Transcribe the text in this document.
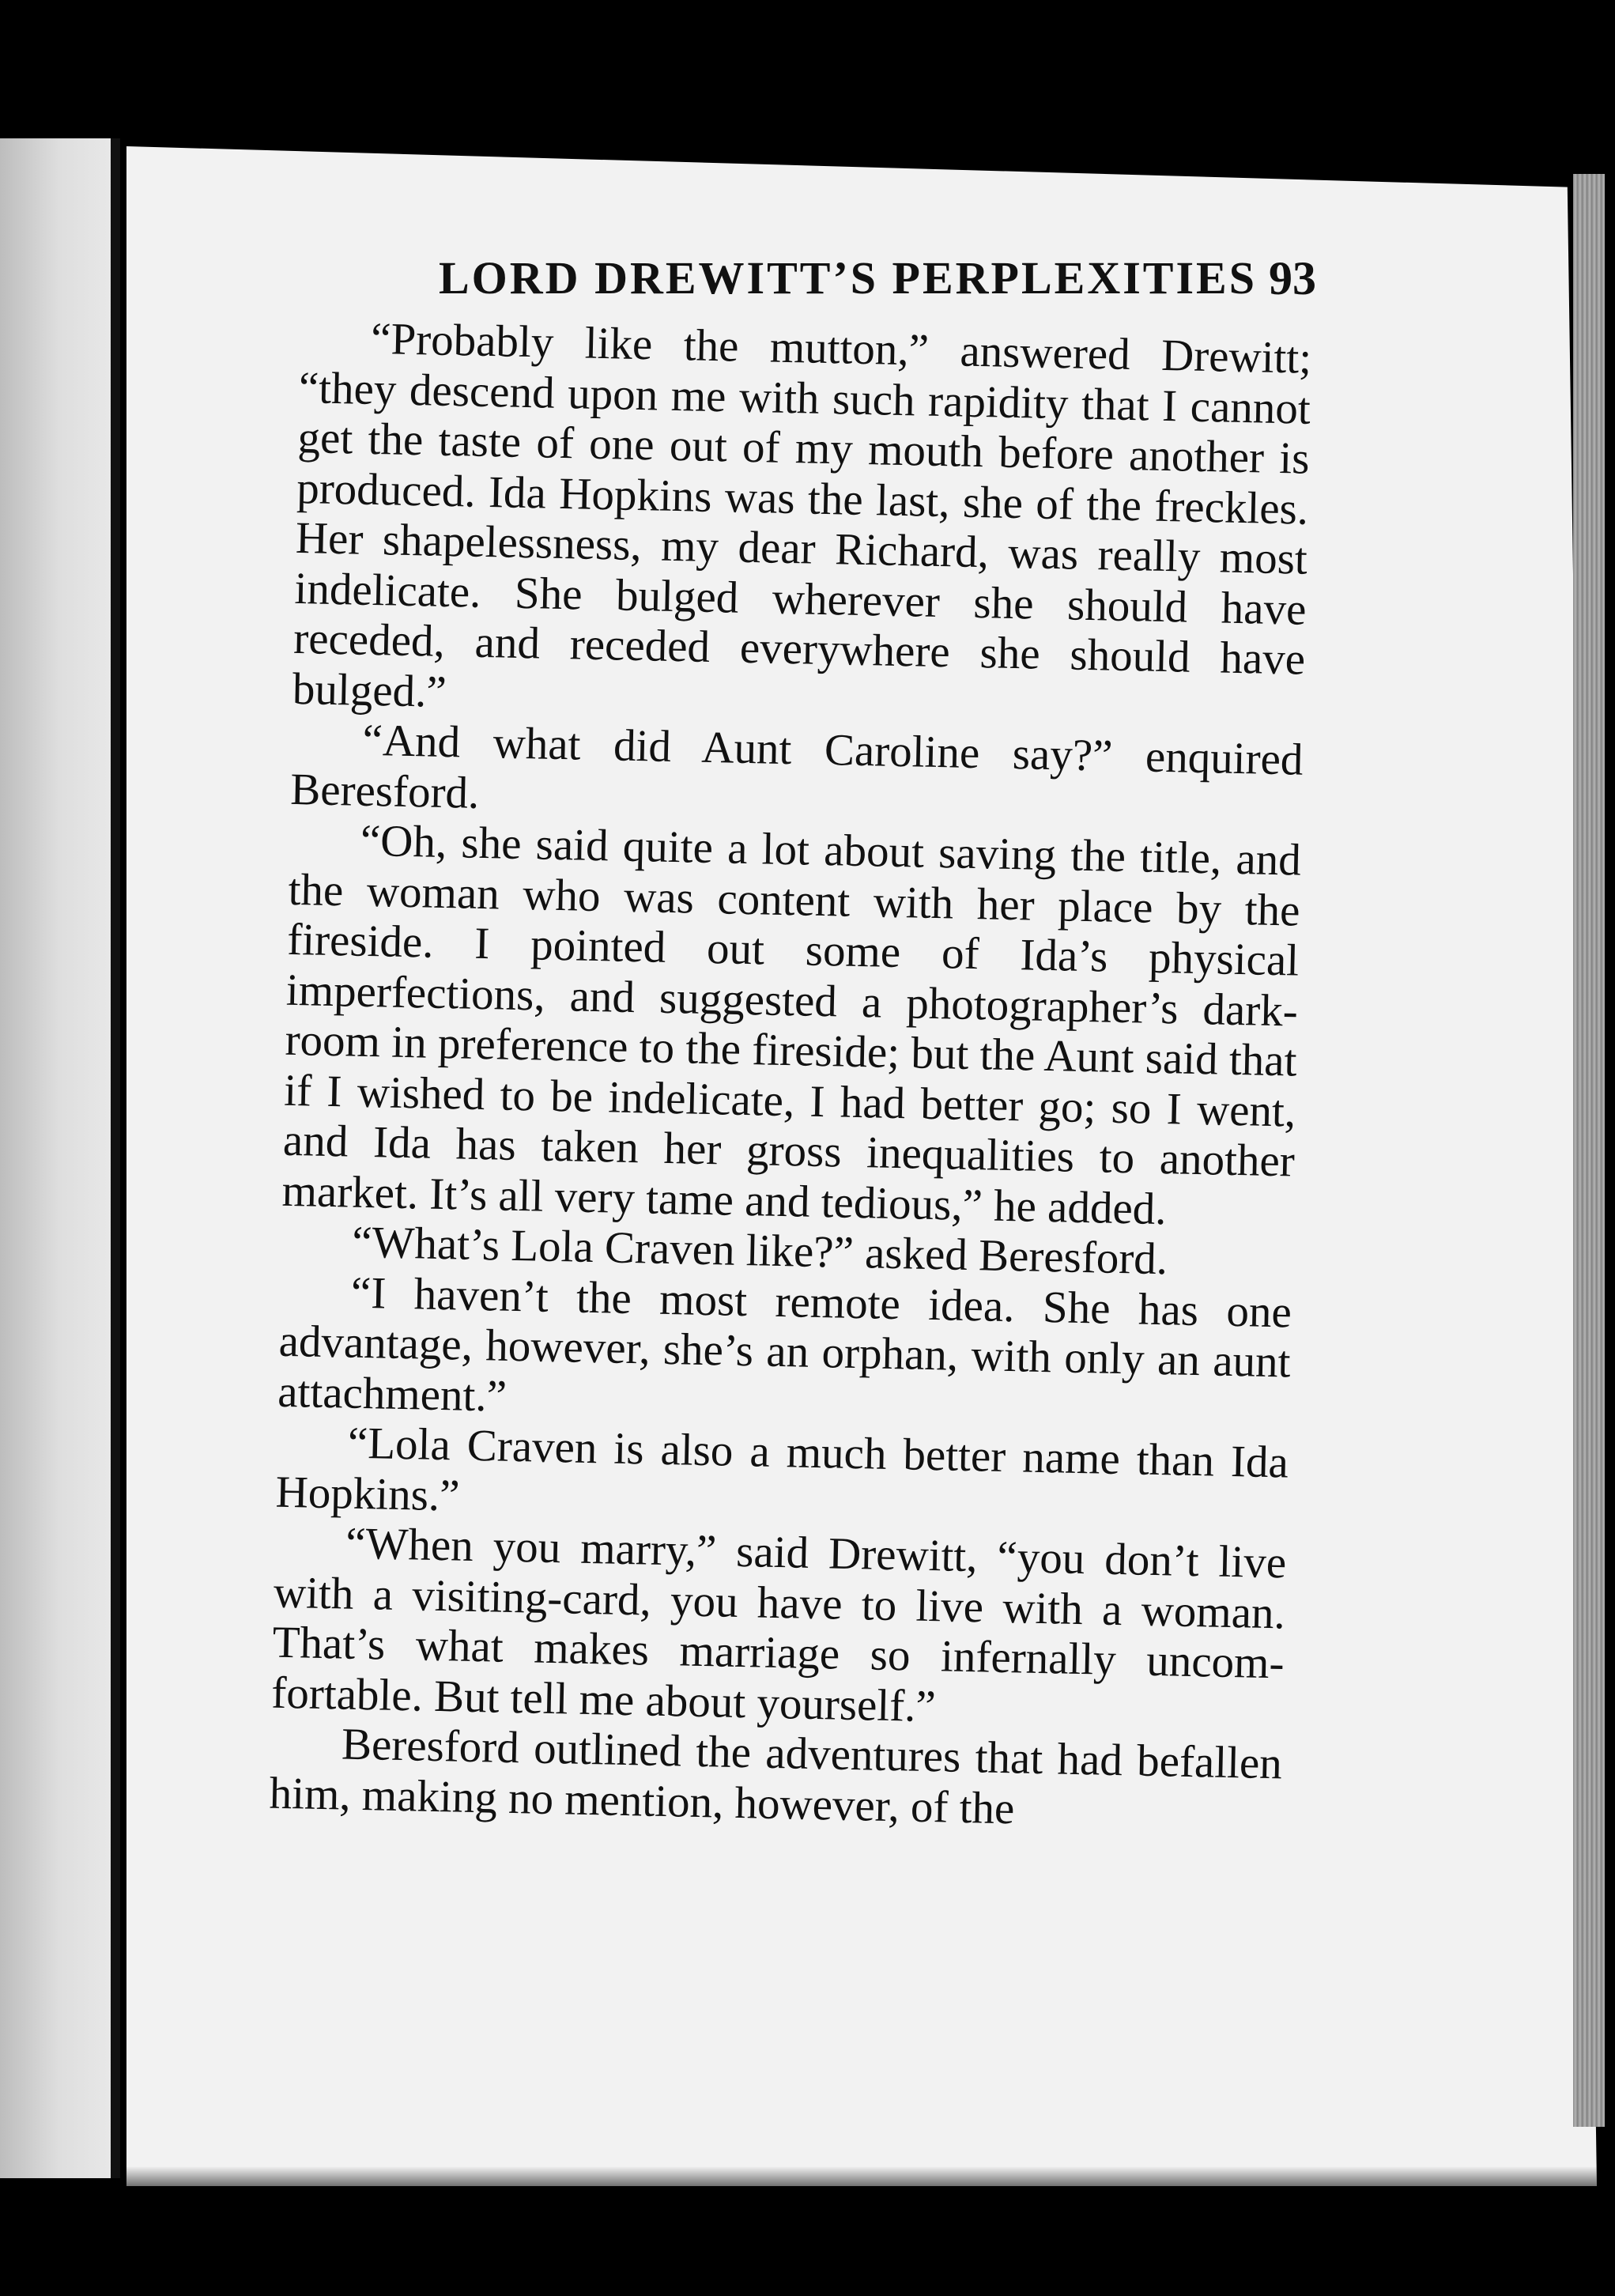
LORD DREWITT’S PERPLEXITIES 93

“Probably like the mutton,” answered Drewitt; “they descend upon me with such rapidity that I cannot get the taste of one out of my mouth before another is produced. Ida Hopkins was the last, she of the freckles. Her shapelessness, my dear Richard, was really most indelicate. She bulged wherever she should have receded, and receded everywhere she should have bulged.”

“And what did Aunt Caroline say?” enquired Beresford.

“Oh, she said quite a lot about saving the title, and the woman who was content with her place by the fireside. I pointed out some of Ida’s physical imperfections, and suggested a photographer’s dark-room in preference to the fireside; but the Aunt said that if I wished to be indelicate, I had better go; so I went, and Ida has taken her gross inequalities to another market. It’s all very tame and tedious,” he added.

“What’s Lola Craven like?” asked Beresford.

“I haven’t the most remote idea. She has one advantage, however, she’s an orphan, with only an aunt attachment.”

“Lola Craven is also a much better name than Ida Hopkins.”

“When you marry,” said Drewitt, “you don’t live with a visiting-card, you have to live with a woman. That’s what makes marriage so infernally uncomfortable. But tell me about yourself.”

Beresford outlined the adventures that had befallen him, making no mention, however, of the
